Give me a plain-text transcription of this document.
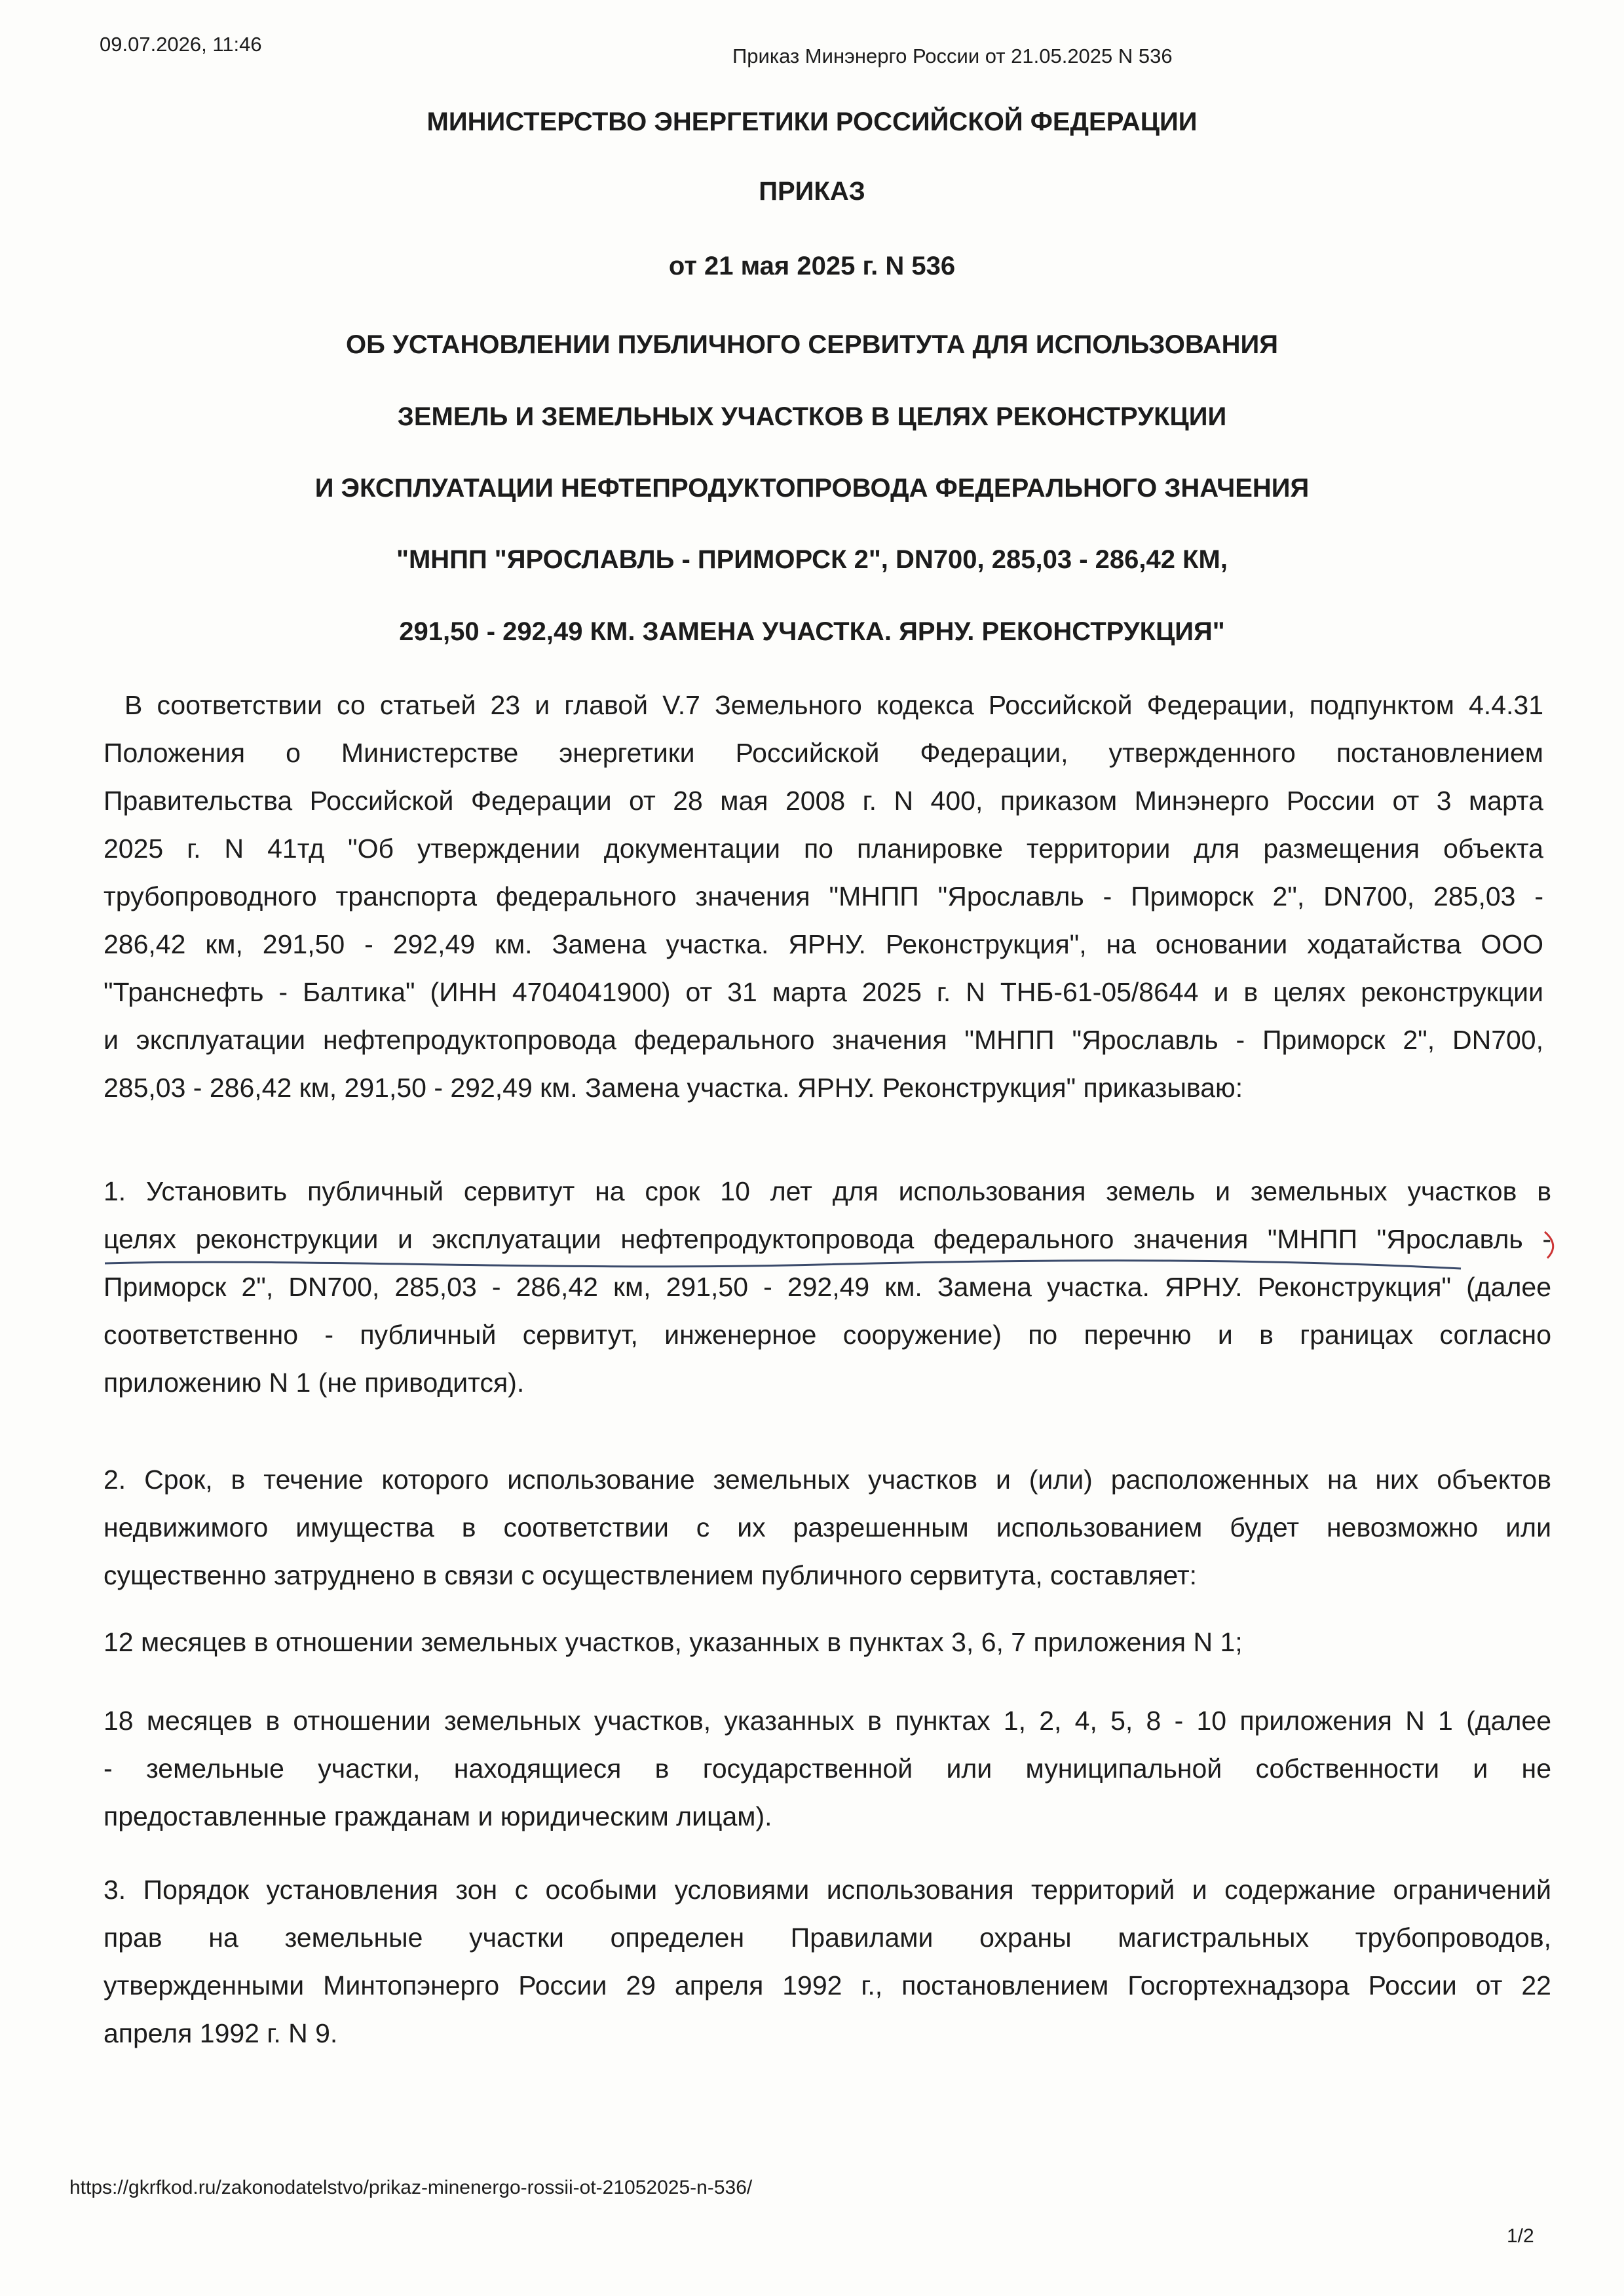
09.07.2026, 11:46
Приказ Минэнерго России от 21.05.2025 N 536
МИНИСТЕРСТВО ЭНЕРГЕТИКИ РОССИЙСКОЙ ФЕДЕРАЦИИ
ПРИКАЗ
от 21 мая 2025 г. N 536
ОБ УСТАНОВЛЕНИИ ПУБЛИЧНОГО СЕРВИТУТА ДЛЯ ИСПОЛЬЗОВАНИЯ
ЗЕМЕЛЬ И ЗЕМЕЛЬНЫХ УЧАСТКОВ В ЦЕЛЯХ РЕКОНСТРУКЦИИ
И ЭКСПЛУАТАЦИИ НЕФТЕПРОДУКТОПРОВОДА ФЕДЕРАЛЬНОГО ЗНАЧЕНИЯ
"МНПП "ЯРОСЛАВЛЬ - ПРИМОРСК 2", DN700, 285,03 - 286,42 КМ,
291,50 - 292,49 КМ. ЗАМЕНА УЧАСТКА. ЯРНУ. РЕКОНСТРУКЦИЯ"
В соответствии со статьей 23 и главой V.7 Земельного кодекса Российской Федерации, подпунктом 4.4.31
Положения о Министерстве энергетики Российской Федерации, утвержденного постановлением
Правительства Российской Федерации от 28 мая 2008 г. N 400, приказом Минэнерго России от 3 марта
2025 г. N 41тд "Об утверждении документации по планировке территории для размещения объекта
трубопроводного транспорта федерального значения "МНПП "Ярославль - Приморск 2", DN700, 285,03 -
286,42 км, 291,50 - 292,49 км. Замена участка. ЯРНУ. Реконструкция", на основании ходатайства ООО
"Транснефть - Балтика" (ИНН 4704041900) от 31 марта 2025 г. N ТНБ-61-05/8644 и в целях реконструкции
и эксплуатации нефтепродуктопровода федерального значения "МНПП "Ярославль - Приморск 2", DN700,
285,03 - 286,42 км, 291,50 - 292,49 км. Замена участка. ЯРНУ. Реконструкция" приказываю:
1. Установить публичный сервитут на срок 10 лет для использования земель и земельных участков в
целях реконструкции и эксплуатации нефтепродуктопровода федерального значения "МНПП "Ярославль -
Приморск 2", DN700, 285,03 - 286,42 км, 291,50 - 292,49 км. Замена участка. ЯРНУ. Реконструкция" (далее
соответственно - публичный сервитут, инженерное сооружение) по перечню и в границах согласно
приложению N 1 (не приводится).
2. Срок, в течение которого использование земельных участков и (или) расположенных на них объектов
недвижимого имущества в соответствии с их разрешенным использованием будет невозможно или
существенно затруднено в связи с осуществлением публичного сервитута, составляет:
12 месяцев в отношении земельных участков, указанных в пунктах 3, 6, 7 приложения N 1;
18 месяцев в отношении земельных участков, указанных в пунктах 1, 2, 4, 5, 8 - 10 приложения N 1 (далее
- земельные участки, находящиеся в государственной или муниципальной собственности и не
предоставленные гражданам и юридическим лицам).
3. Порядок установления зон с особыми условиями использования территорий и содержание ограничений
прав на земельные участки определен Правилами охраны магистральных трубопроводов,
утвержденными Минтопэнерго России 29 апреля 1992 г., постановлением Госгортехнадзора России от 22
апреля 1992 г. N 9.
https://gkrfkod.ru/zakonodatelstvo/prikaz-minenergo-rossii-ot-21052025-n-536/
1/2
